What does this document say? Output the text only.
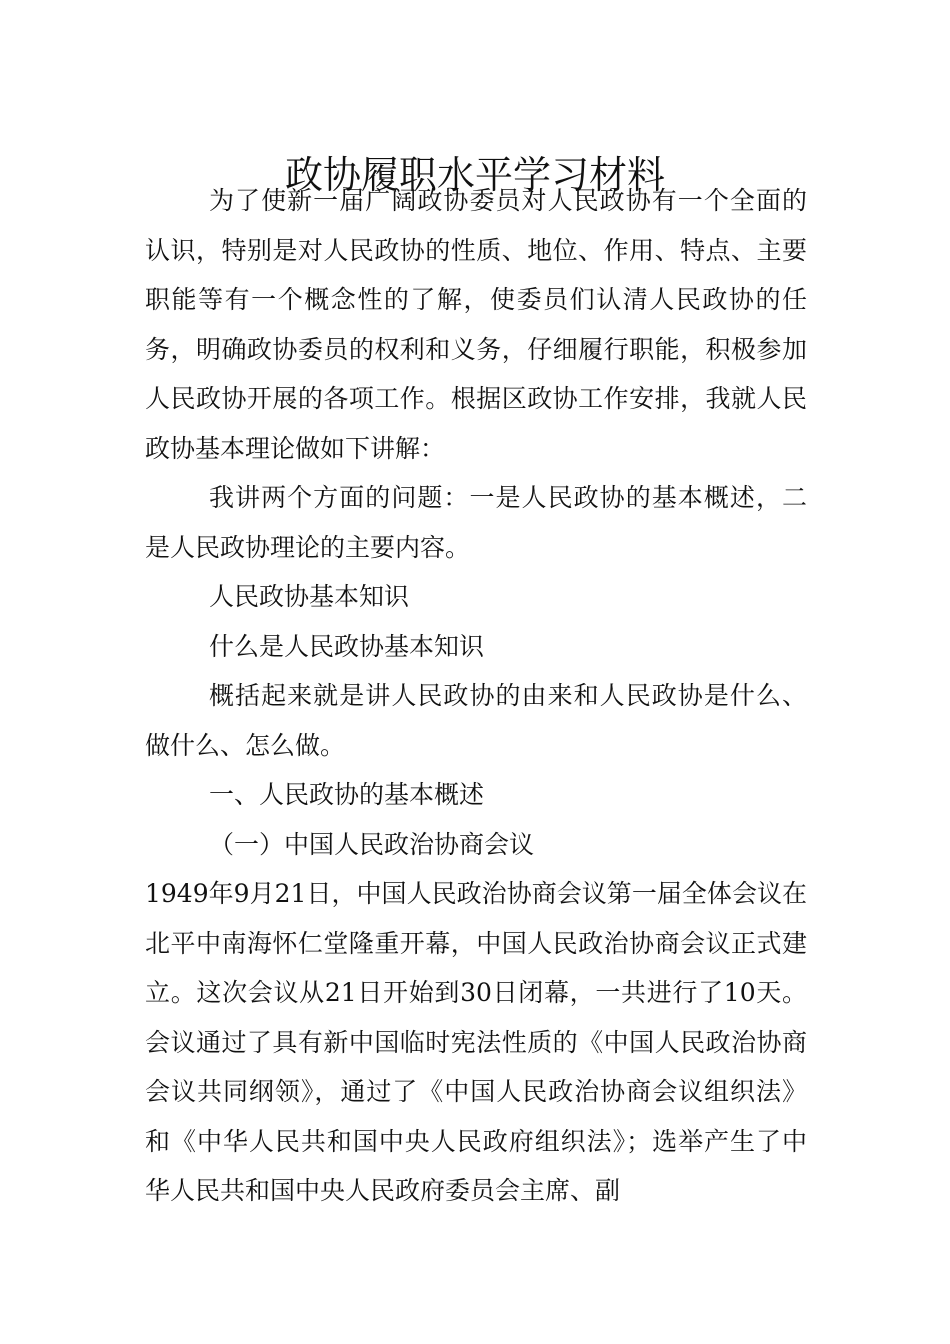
政协履职水平学习材料

为了使新一届广阔政协委员对人民政协有一个全面的认识，特别是对人民政协的性质、地位、作用、特点、主要职能等有一个概念性的了解，使委员们认清人民政协的任务，明确政协委员的权利和义务，仔细履行职能，积极参加人民政协开展的各项工作。根据区政协工作安排，我就人民政协基本理论做如下讲解：

我讲两个方面的问题：一是人民政协的基本概述，二是人民政协理论的主要内容。

人民政协基本知识

什么是人民政协基本知识

概括起来就是讲人民政协的由来和人民政协是什么、做什么、怎么做。

一、人民政协的基本概述

（一）中国人民政治协商会议

1949年9月21日，中国人民政治协商会议第一届全体会议在北平中南海怀仁堂隆重开幕，中国人民政治协商会议正式建立。这次会议从21日开始到30日闭幕，一共进行了10天。会议通过了具有新中国临时宪法性质的《中国人民政治协商会议共同纲领》，通过了《中国人民政治协商会议组织法》和《中华人民共和国中央人民政府组织法》；选举产生了中华人民共和国中央人民政府委员会主席、副
